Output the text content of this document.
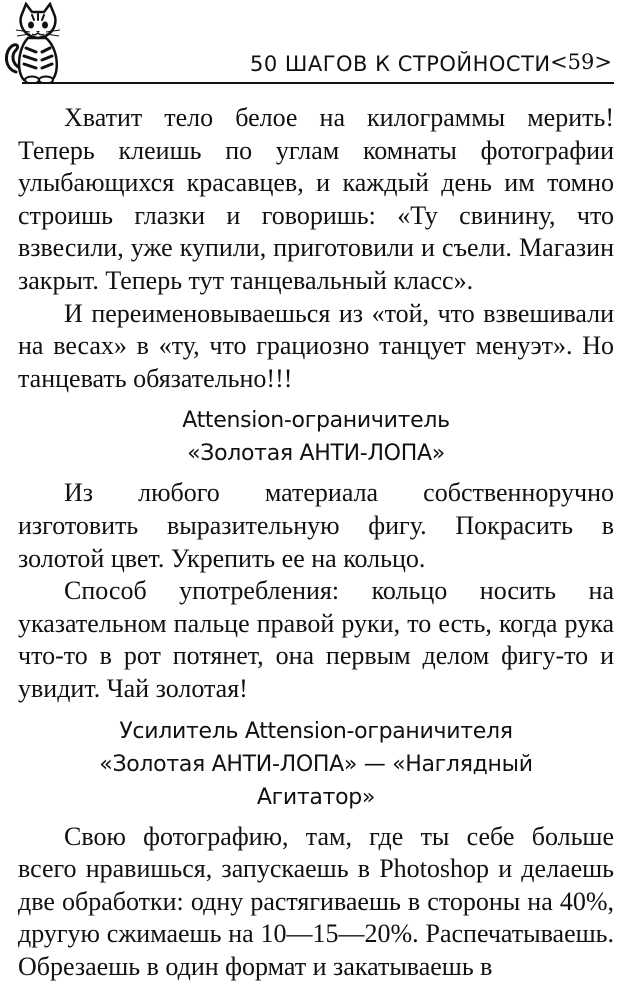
50 ШАГОВ К СТРОЙНОСТИ <59>

Хватит тело белое на килограммы мерить! Теперь клеишь по углам комнаты фотографии улыбающихся красавцев, и каждый день им томно строишь глазки и говоришь: «Ту свинину, что взвесили, уже купили, приготовили и съели. Магазин закрыт. Теперь тут танцевальный класс».

И переименовываешься из «той, что взвешивали на весах» в «ту, что грациозно танцует менуэт». Но танцевать обязательно!!!

Attension-ограничитель
«Золотая АНТИ-ЛОПА»

Из любого материала собственноручно изготовить выразительную фигу. Покрасить в золотой цвет. Укрепить ее на кольцо.

Способ употребления: кольцо носить на указательном пальце правой руки, то есть, когда рука что-то в рот потянет, она первым делом фигу-то и увидит. Чай золотая!

Усилитель Attension-ограничителя
«Золотая АНТИ-ЛОПА» — «Наглядный
Агитатор»

Свою фотографию, там, где ты себе больше всего нравишься, запускаешь в Photoshop и делаешь две обработки: одну растягиваешь в стороны на 40%, другую сжимаешь на 10—15—20%. Распечатываешь. Обрезаешь в один формат и закатываешь в
